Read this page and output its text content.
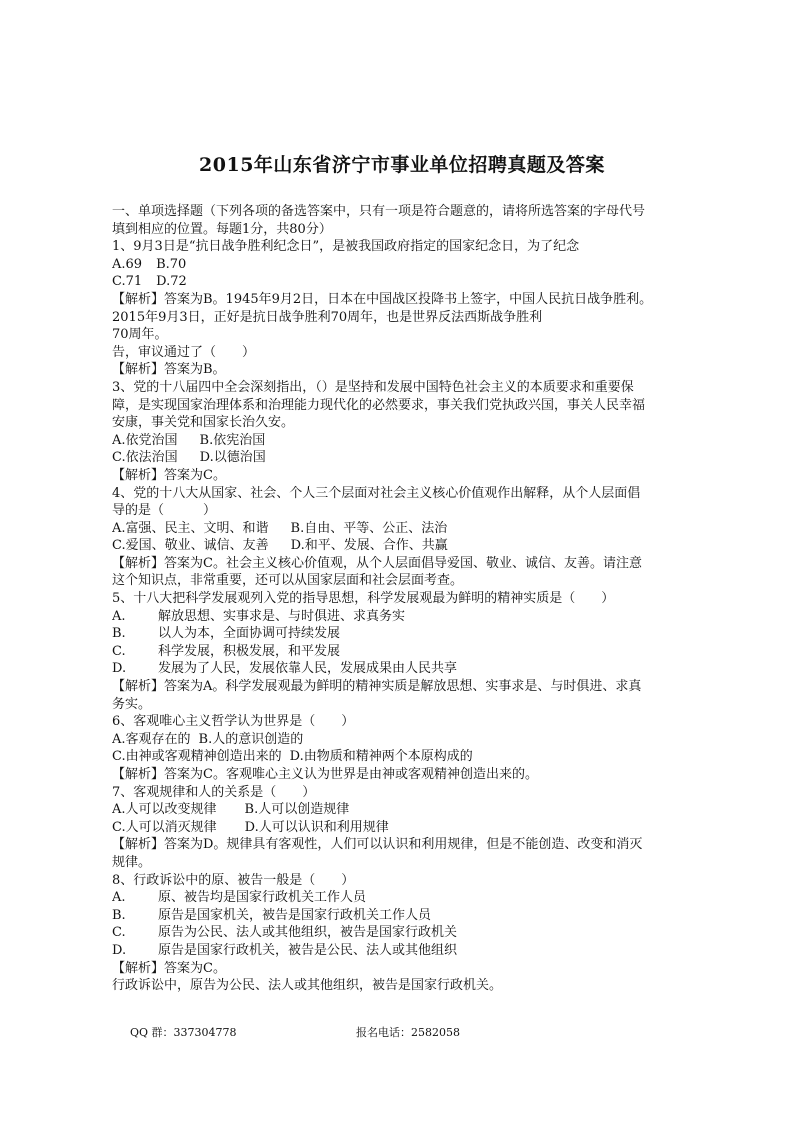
2015年山东省济宁市事业单位招聘真题及答案
一、单项选择题（下列各项的备选答案中，只有一项是符合题意的，请将所选答案的字母代号
填到相应的位置。每题1分，共80分）
1、9月3日是“抗日战争胜利纪念日”，是被我国政府指定的国家纪念日，为了纪念
A.69 B.70
C.71 D.72
【解析】答案为B。1945年9月2日，日本在中国战区投降书上签字，中国人民抗日战争胜利。
2015年9月3日，正好是抗日战争胜利70周年，也是世界反法西斯战争胜利
70周年。
告，审议通过了（　　）
【解析】答案为B。
3、党的十八届四中全会深刻指出，（）是坚持和发展中国特色社会主义的本质要求和重要保
障，是实现国家治理体系和治理能力现代化的必然要求，事关我们党执政兴国，事关人民幸福
安康，事关党和国家长治久安。
A.依党治国 B.依宪治国
C.依法治国 D.以德治国
【解析】答案为C。
4、党的十八大从国家、社会、个人三个层面对社会主义核心价值观作出解释，从个人层面倡
导的是（　　　）
A.富强、民主、文明、和谐 B.自由、平等、公正、法治
C.爱国、敬业、诚信、友善 D.和平、发展、合作、共赢
【解析】答案为C。社会主义核心价值观，从个人层面倡导爱国、敬业、诚信、友善。请注意
这个知识点，非常重要，还可以从国家层面和社会层面考查。
5、十八大把科学发展观列入党的指导思想，科学发展观最为鲜明的精神实质是（　　）
A. 解放思想、实事求是、与时俱进、求真务实
B. 以人为本，全面协调可持续发展
C. 科学发展，积极发展，和平发展
D. 发展为了人民，发展依靠人民，发展成果由人民共享
【解析】答案为A。科学发展观最为鲜明的精神实质是解放思想、实事求是、与时俱进、求真
务实。
6、客观唯心主义哲学认为世界是（　　）
A.客观存在的 B.人的意识创造的
C.由神或客观精神创造出来的 D.由物质和精神两个本原构成的
【解析】答案为C。客观唯心主义认为世界是由神或客观精神创造出来的。
7、客观规律和人的关系是（　　）
A.人可以改变规律 B.人可以创造规律
C.人可以消灭规律 D.人可以认识和利用规律
【解析】答案为D。规律具有客观性，人们可以认识和利用规律，但是不能创造、改变和消灭
规律。
8、行政诉讼中的原、被告一般是（　　）
A. 原、被告均是国家行政机关工作人员
B. 原告是国家机关，被告是国家行政机关工作人员
C. 原告为公民、法人或其他组织，被告是国家行政机关
D. 原告是国家行政机关，被告是公民、法人或其他组织
【解析】答案为C。
行政诉讼中，原告为公民、法人或其他组织，被告是国家行政机关。
QQ 群：337304778	报名电话：2582058
